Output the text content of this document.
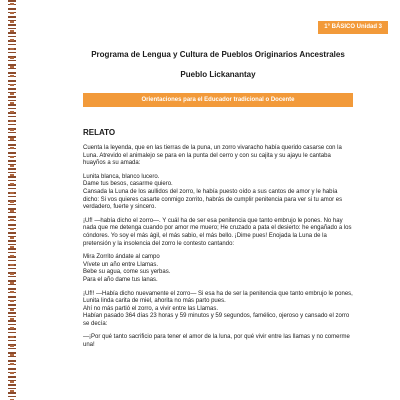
1° BÁSICO Unidad 3
Programa de Lengua y Cultura de Pueblos Originarios Ancestrales
Pueblo Lickanantay
Orientaciones para el Educador tradicional o Docente
RELATO

Cuenta la leyenda, que en las tierras de la puna, un zorro vivaracho había querido casarse con la Luna. Atrevido el animalejo se para en la punta del cerro y con su cajita y su ajayu le cantaba huayños a su amada:

Lunita blanca, blanco lucero.
Dame tus besos, casarme quiero.
Cansada la Luna de los aullidos del zorro, le había puesto oído a sus cantos de amor y le había dicho: Si vos quieres casarte conmigo zorrito, habrás de cumplir penitencia para ver si tu amor es verdadero, fuerte y sincero.

¡Uf! —había dicho el zorro—. Y cuál ha de ser esa penitencia que tanto embrujo le pones. No hay nada que me detenga cuando por amor me muero; He cruzado a pata el desierto: he engañado a los cóndores. Yo soy el más ágil, el más sabio, el más bello. ¡Dime pues! Enojada la Luna de la pretensión y la insolencia del zorro le contesto cantando:

Mira Zorrito ándate al campo
Vívete un año entre Llamas.
Bebe su agua, come sus yerbas.
Para el año dame tus lanas.

¡Uf!! —Había dicho nuevamente el zorro— Si esa ha de ser la penitencia que tanto embrujo le pones, Lunita linda carita de miel, ahorita no más parto pues.
Ahí no más partió el zorro, a vivir entre las Llamas.
Habían pasado 364 días 23 horas y 59 minutos y 59 segundos, famélico, ojeroso y cansado el zorro se decía:

—¡Por qué tanto sacrificio para tener el amor de la luna, por qué vivir entre las llamas y no comerme una!
